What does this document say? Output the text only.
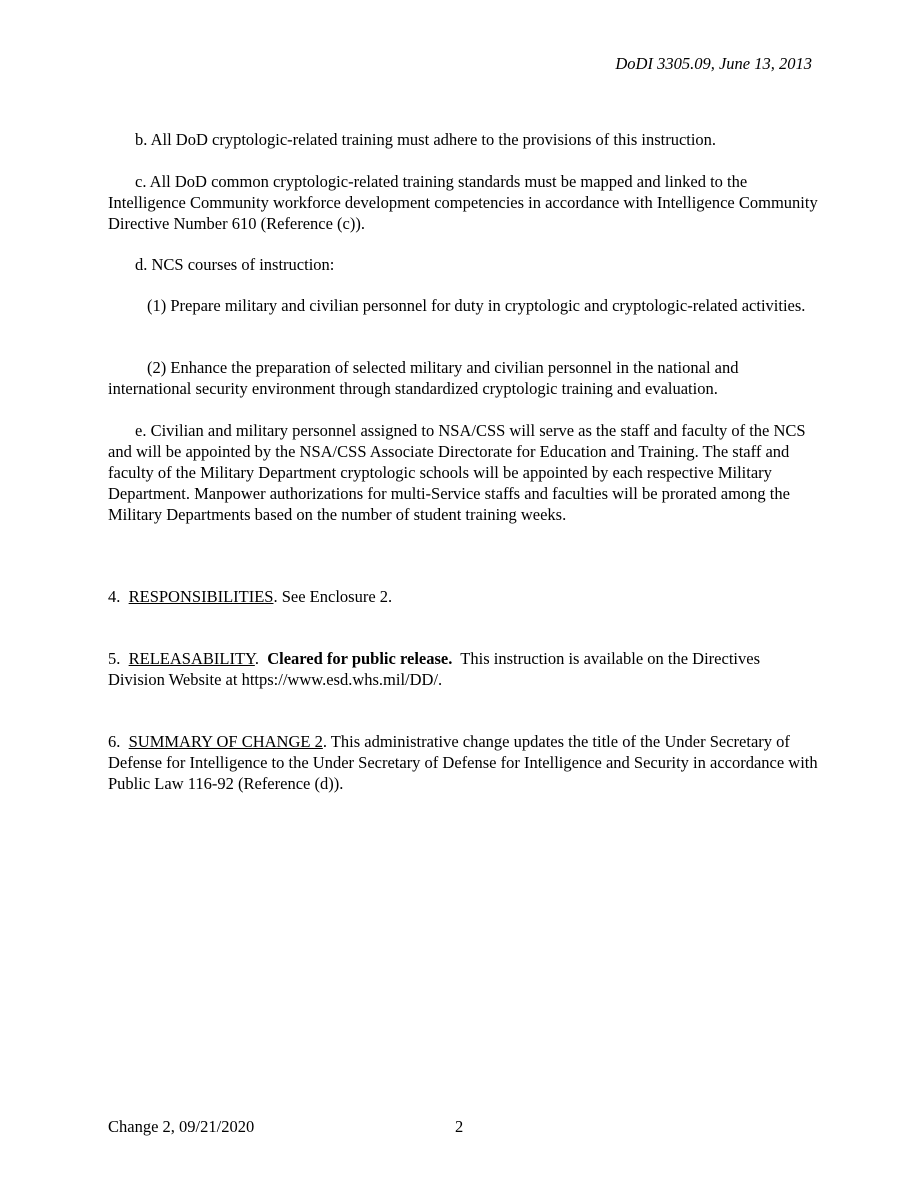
DoDI 3305.09, June 13, 2013

b. All DoD cryptologic-related training must adhere to the provisions of this instruction.

c. All DoD common cryptologic-related training standards must be mapped and linked to the Intelligence Community workforce development competencies in accordance with Intelligence Community Directive Number 610 (Reference (c)).

d. NCS courses of instruction:

(1) Prepare military and civilian personnel for duty in cryptologic and cryptologic-related activities.

(2) Enhance the preparation of selected military and civilian personnel in the national and international security environment through standardized cryptologic training and evaluation.

e. Civilian and military personnel assigned to NSA/CSS will serve as the staff and faculty of the NCS and will be appointed by the NSA/CSS Associate Directorate for Education and Training. The staff and faculty of the Military Department cryptologic schools will be appointed by each respective Military Department. Manpower authorizations for multi-Service staffs and faculties will be prorated among the Military Departments based on the number of student training weeks.

4. RESPONSIBILITIES. See Enclosure 2.

5. RELEASABILITY.  Cleared for public release.  This instruction is available on the Directives Division Website at https://www.esd.whs.mil/DD/.

6. SUMMARY OF CHANGE 2. This administrative change updates the title of the Under Secretary of Defense for Intelligence to the Under Secretary of Defense for Intelligence and Security in accordance with Public Law 116-92 (Reference (d)).

Change 2, 09/21/2020	2
